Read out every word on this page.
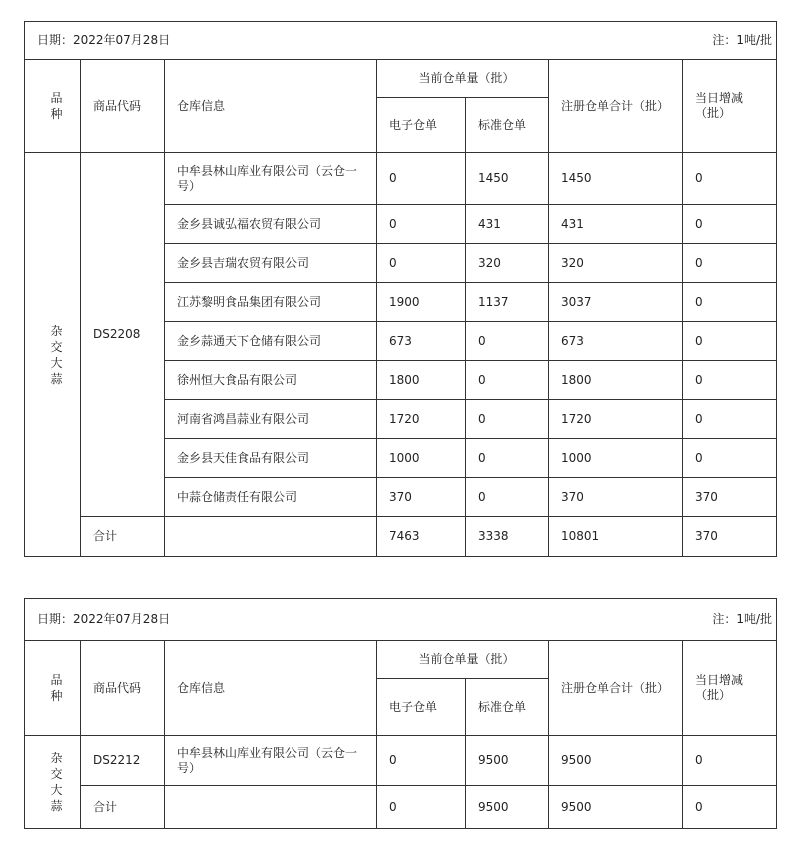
日期：2022年07月28日 注：1吨/批						

品种	商品代码	仓库信息	当前仓单量（批）		注册仓单合计（批）	当日增减（批）
			电子仓单	标准仓单		
杂交大蒜	DS2208	中牟县林山库业有限公司（云仓一号）	0	1450	1450	0
		金乡县诚弘福农贸有限公司	0	431	431	0
		金乡县吉瑞农贸有限公司	0	320	320	0
		江苏黎明食品集团有限公司	1900	1137	3037	0
		金乡蒜通天下仓储有限公司	673	0	673	0
		徐州恒大食品有限公司	1800	0	1800	0
		河南省鸿昌蒜业有限公司	1720	0	1720	0
		金乡县天佳食品有限公司	1000	0	1000	0
		中蒜仓储责任有限公司	370	0	370	370
	合计		7463	3338	10801	370
日期：2022年07月28日 注：1吨/批						

品种	商品代码	仓库信息	当前仓单量（批）		注册仓单合计（批）	当日增减（批）
			电子仓单	标准仓单		
杂交大蒜	DS2212	中牟县林山库业有限公司（云仓一号）	0	9500	9500	0
	合计		0	9500	9500	0
